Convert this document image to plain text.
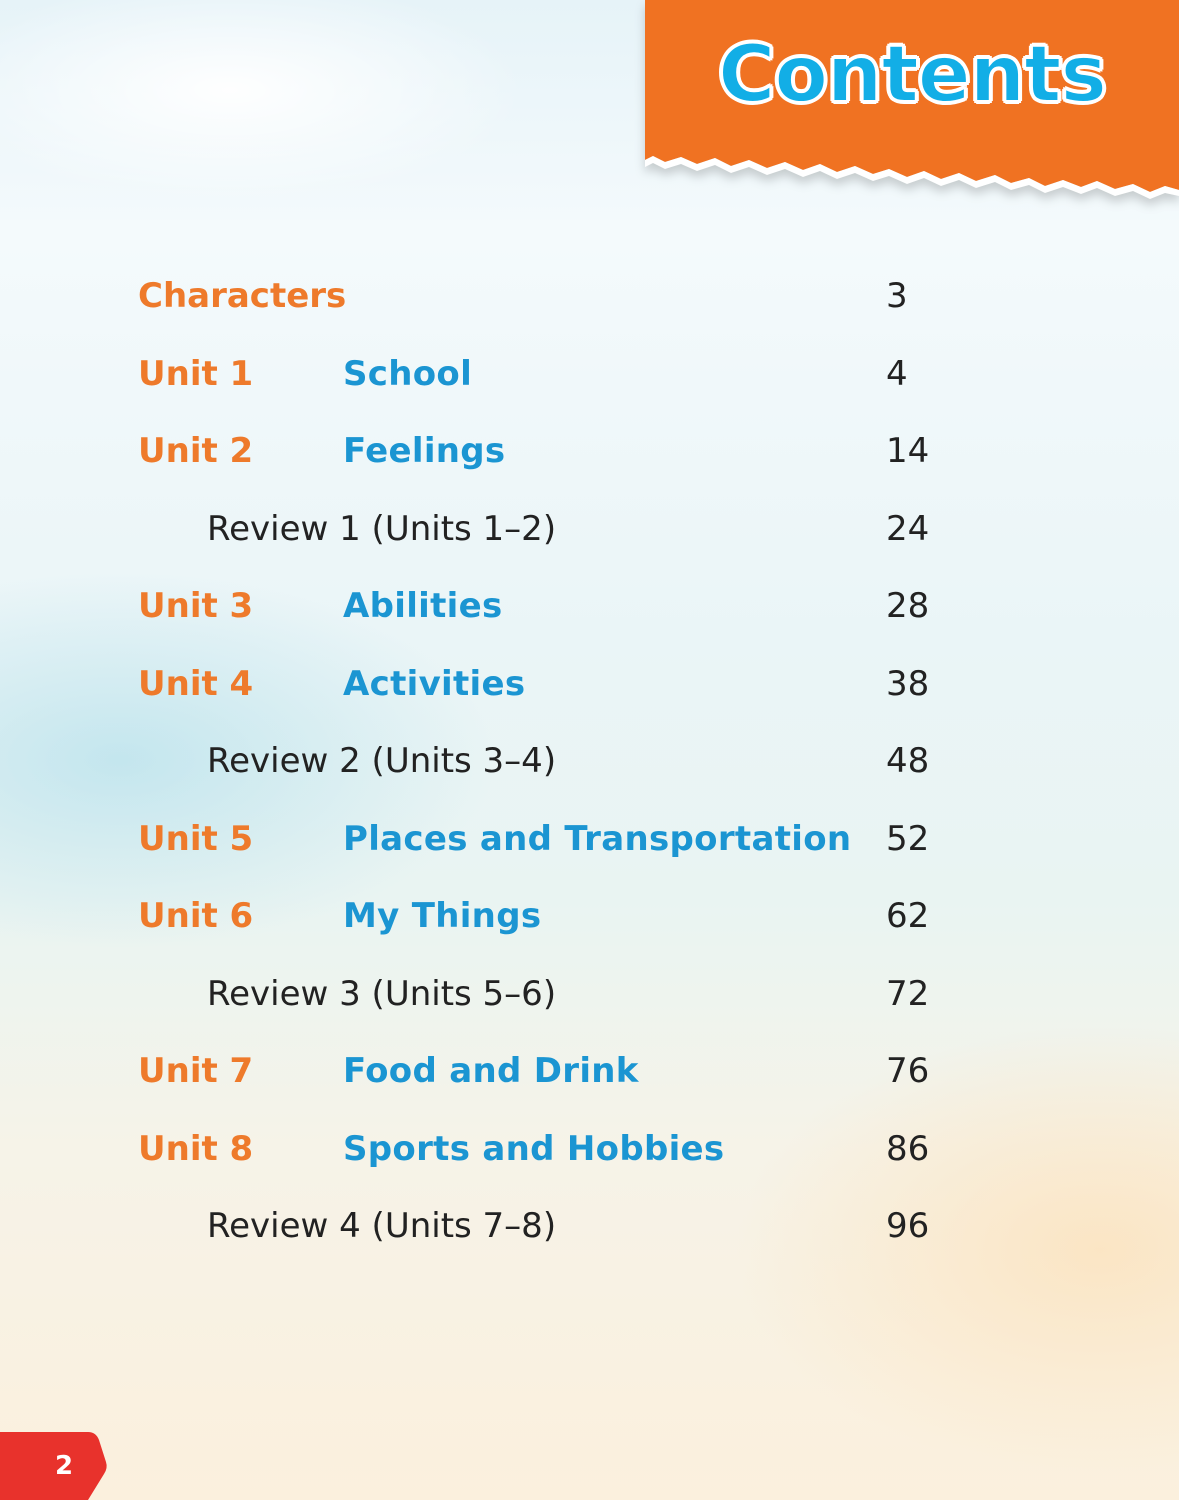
Contents
Characters	3
Unit 1	School	4
Unit 2	Feelings	14
Review 1 (Units 1–2)	24
Unit 3	Abilities	28
Unit 4	Activities	38
Review 2 (Units 3–4)	48
Unit 5	Places and Transportation 52
Unit 6	My Things	62
Review 3 (Units 5–6)	72
Unit 7	Food and Drink	76
Unit 8	Sports and Hobbies	86
Review 4 (Units 7–8)	96
2
